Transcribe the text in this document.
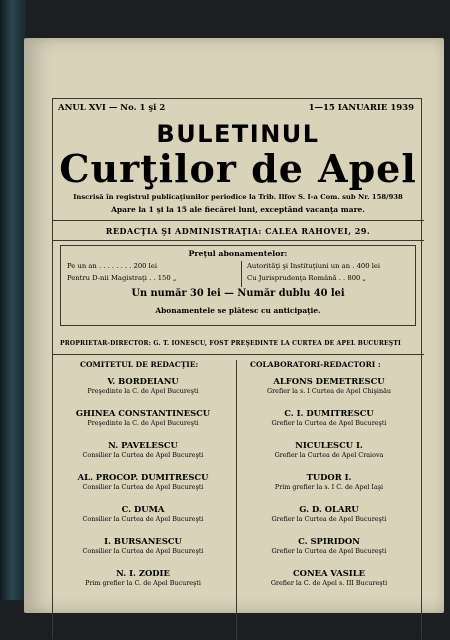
ANUL XVI — No. 1 şi 2	1—15 IANUARIE 1939
BULETINUL
Curţilor de Apel
Inscrisă în registrul publicaţiunilor periodice la Trib. Ilfov S. I-a Com. sub Nr. 158/938
Apare la 1 şi la 15 ale fiecărei luni, exceptând vacanţa mare.
REDACŢIA ŞI ADMINISTRAŢIA: CALEA RAHOVEI, 29.
Preţul abonamentelor:
Pe un an . . . . . . . . 200 lei
Pentru D-nii Magistraţi . . 150 „
Autorităţi şi Instituţiuni un an . 400 lei
Cu Jurisprudenţa Română . . 800 „
Un număr 30 lei — Număr dublu 40 lei
Abonamentele se plătesc cu anticipaţie.
PROPRIETAR-DIRECTOR: G. T. IONESCU, FOST PREŞEDINTE LA CURTEA DE APEL BUCUREŞTI
COMITETUL DE REDACŢIE:	COLABORATORI-REDACTORI :
V. BORDEIANU
Preşedinte la C. de Apel Bucureşti
GHINEA CONSTANTINESCU
Preşedinte la C. de Apel Bucureşti
N. PAVELESCU
Consilier la Curtea de Apel Bucureşti
AL. PROCOP. DUMITRESCU
Consilier la Curtea de Apel Bucureşti
C. DUMA
Consilier la Curtea de Apel Bucureşti
I. BURSANESCU
Consilier la Curtea de Apel Bucureşti
N. I. ZODIE
Prim grefier la C. de Apel Bucureşti
ALFONS DEMETRESCU
Grefier la s. I Curtea de Apel Chişinău
C. I. DUMITRESCU
Grefier la Curtea de Apel Bucureşti
NICULESCU I.
Grefier la Curtea de Apel Craiova
TUDOR I.
Prim grefier la s. I C. de Apel Iaşi
G. D. OLARU
Grefier la Curtea de Apel Bucureşti
C. SPIRIDON
Grefier la Curtea de Apel Bucureşti
CONEA VASILE
Grefier la C. de Apel s. III Bucureşti
